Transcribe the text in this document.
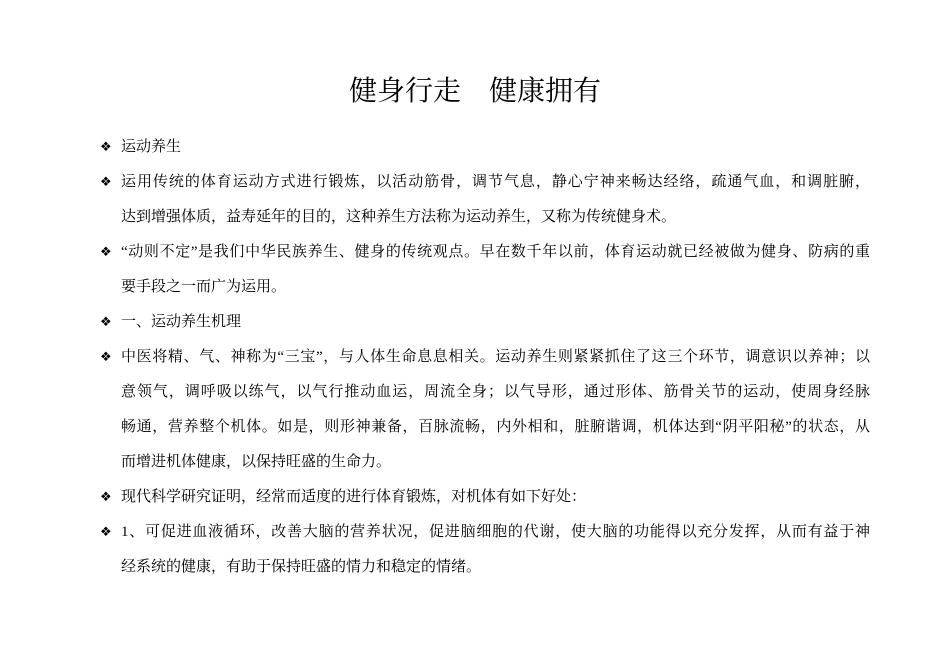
健身行走　健康拥有
❖ 运动养生
❖ 运用传统的体育运动方式进行锻炼，以活动筋骨，调节气息，静心宁神来畅达经络，疏通气血，和调脏腑，
达到增强体质，益寿延年的目的，这种养生方法称为运动养生，又称为传统健身术。
❖ “动则不定”是我们中华民族养生、健身的传统观点。早在数千年以前，体育运动就已经被做为健身、防病的重
要手段之一而广为运用。
❖ 一、运动养生机理
❖ 中医将精、气、神称为“三宝”，与人体生命息息相关。运动养生则紧紧抓住了这三个环节，调意识以养神；以
意领气，调呼吸以练气，以气行推动血运，周流全身；以气导形，通过形体、筋骨关节的运动，使周身经脉
畅通，营养整个机体。如是，则形神兼备，百脉流畅，内外相和，脏腑谐调，机体达到“阴平阳秘”的状态，从
而增进机体健康，以保持旺盛的生命力。
❖ 现代科学研究证明，经常而适度的进行体育锻炼，对机体有如下好处：
❖ 1、可促进血液循环，改善大脑的营养状况，促进脑细胞的代谢，使大脑的功能得以充分发挥，从而有益于神
经系统的健康，有助于保持旺盛的情力和稳定的情绪。
